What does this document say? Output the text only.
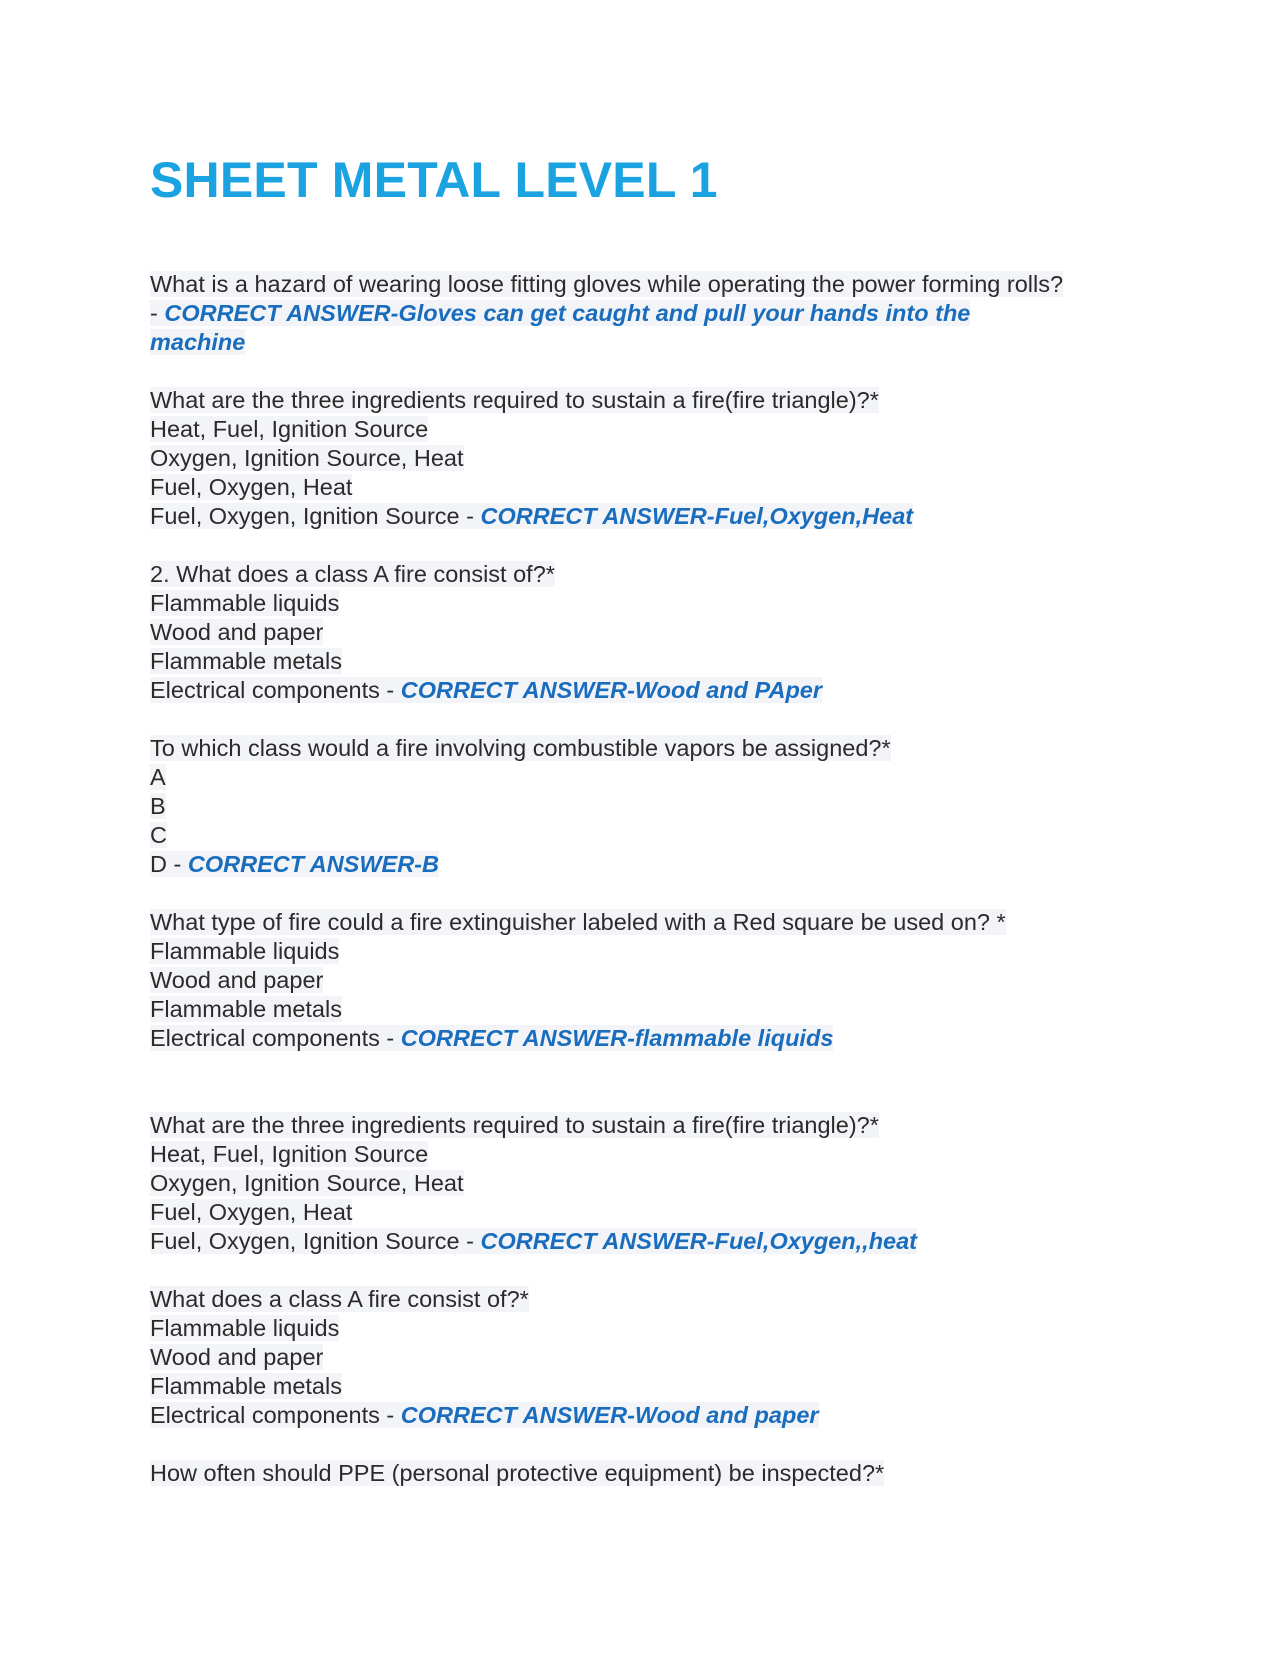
SHEET METAL LEVEL 1
What is a hazard of wearing loose fitting gloves while operating the power forming rolls?
- CORRECT ANSWER-Gloves can get caught and pull your hands into the machine
What are the three ingredients required to sustain a fire(fire triangle)?*
Heat, Fuel, Ignition Source
Oxygen, Ignition Source, Heat
Fuel, Oxygen, Heat
Fuel, Oxygen, Ignition Source - CORRECT ANSWER-Fuel,Oxygen,Heat
2. What does a class A fire consist of?*
Flammable liquids
Wood and paper
Flammable metals
Electrical components - CORRECT ANSWER-Wood and PAper
To which class would a fire involving combustible vapors be assigned?*
A
B
C
D - CORRECT ANSWER-B
What type of fire could a fire extinguisher labeled with a Red square be used on? *
Flammable liquids
Wood and paper
Flammable metals
Electrical components - CORRECT ANSWER-flammable liquids
What are the three ingredients required to sustain a fire(fire triangle)?*
Heat, Fuel, Ignition Source
Oxygen, Ignition Source, Heat
Fuel, Oxygen, Heat
Fuel, Oxygen, Ignition Source - CORRECT ANSWER-Fuel,Oxygen,,heat
What does a class A fire consist of?*
Flammable liquids
Wood and paper
Flammable metals
Electrical components - CORRECT ANSWER-Wood and paper
How often should PPE (personal protective equipment) be inspected?*
